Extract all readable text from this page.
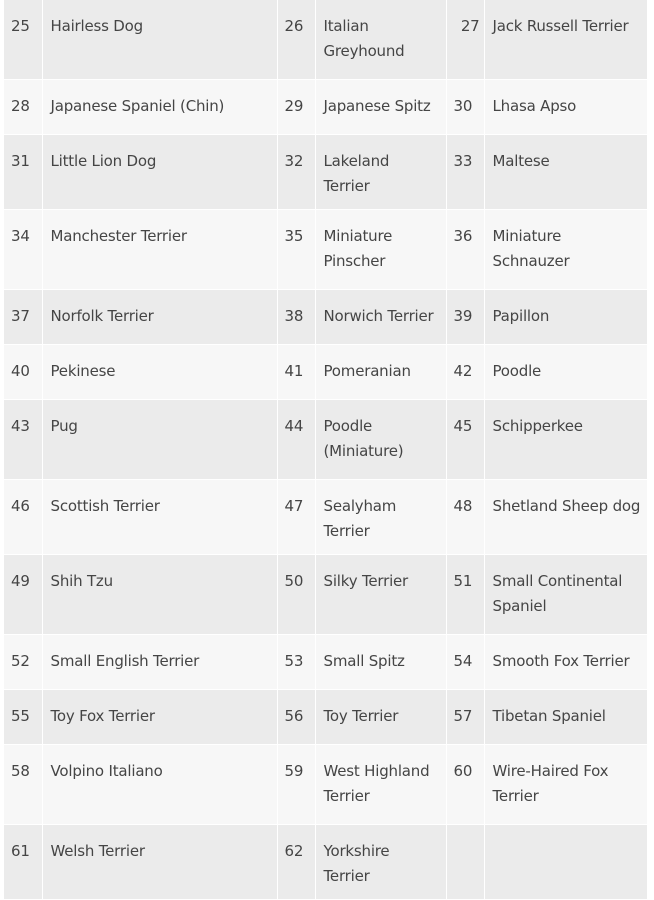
25	Hairless Dog	26	Italian Greyhound	27	Jack Russell Terrier
28	Japanese Spaniel (Chin)	29	Japanese Spitz	30	Lhasa Apso
31	Little Lion Dog	32	Lakeland Terrier	33	Maltese
34	Manchester Terrier	35	Miniature Pinscher	36	Miniature Schnauzer
37	Norfolk Terrier	38	Norwich Terrier	39	Papillon
40	Pekinese	41	Pomeranian	42	Poodle
43	Pug	44	Poodle (Miniature)	45	Schipperkee
46	Scottish Terrier	47	Sealyham Terrier	48	Shetland Sheep dog
49	Shih Tzu	50	Silky Terrier	51	Small Continental Spaniel
52	Small English Terrier	53	Small Spitz	54	Smooth Fox Terrier
55	Toy Fox Terrier	56	Toy Terrier	57	Tibetan Spaniel
58	Volpino Italiano	59	West Highland Terrier	60	Wire-Haired Fox Terrier
61	Welsh Terrier	62	Yorkshire Terrier		
